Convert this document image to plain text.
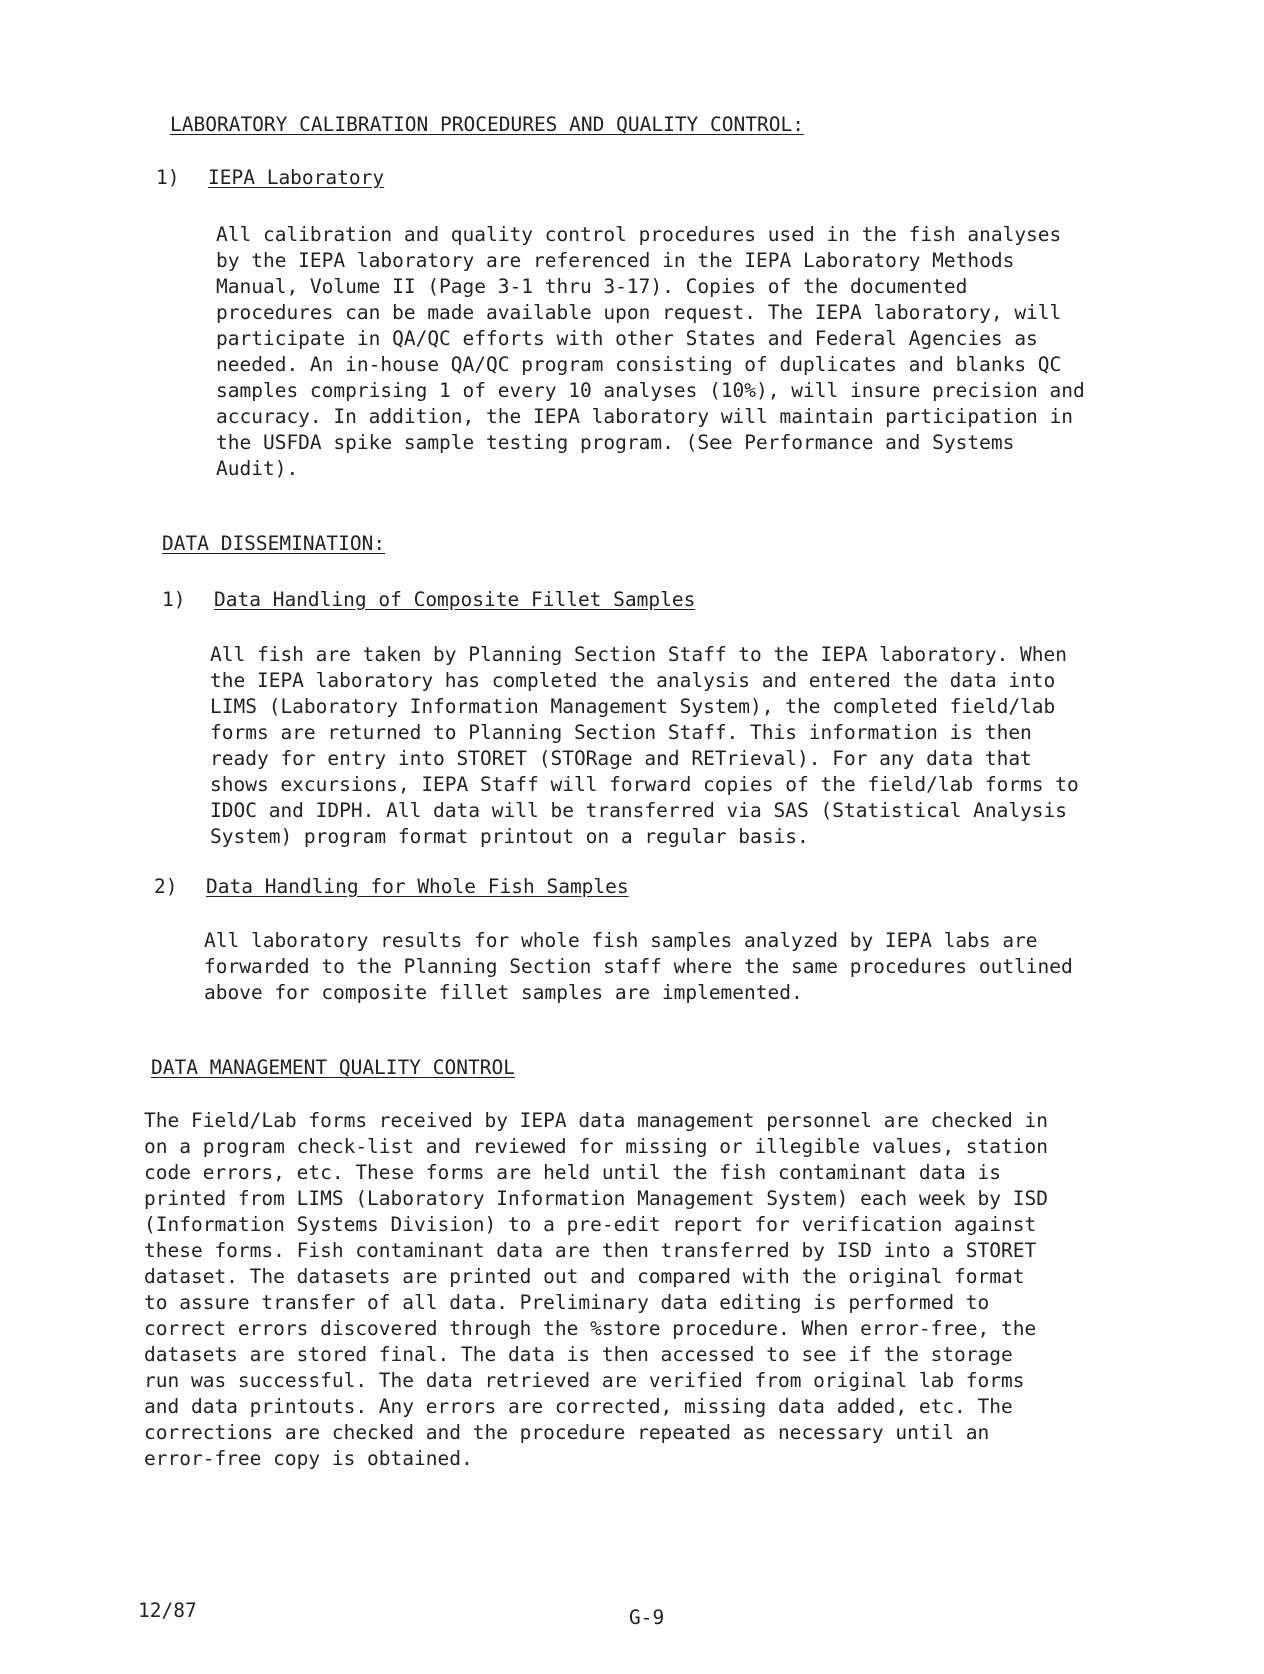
LABORATORY CALIBRATION PROCEDURES AND QUALITY CONTROL:
1) IEPA Laboratory
All calibration and quality control procedures used in the fish analyses
by the IEPA laboratory are referenced in the IEPA Laboratory Methods
Manual, Volume II (Page 3-1 thru 3-17). Copies of the documented
procedures can be made available upon request. The IEPA laboratory, will
participate in QA/QC efforts with other States and Federal Agencies as
needed. An in-house QA/QC program consisting of duplicates and blanks QC
samples comprising 1 of every 10 analyses (10%), will insure precision and
accuracy. In addition, the IEPA laboratory will maintain participation in
the USFDA spike sample testing program. (See Performance and Systems
Audit).
DATA DISSEMINATION:
1) Data Handling of Composite Fillet Samples
All fish are taken by Planning Section Staff to the IEPA laboratory. When
the IEPA laboratory has completed the analysis and entered the data into
LIMS (Laboratory Information Management System), the completed field/lab
forms are returned to Planning Section Staff. This information is then
ready for entry into STORET (STORage and RETrieval). For any data that
shows excursions, IEPA Staff will forward copies of the field/lab forms to
IDOC and IDPH. All data will be transferred via SAS (Statistical Analysis
System) program format printout on a regular basis.
2) Data Handling for Whole Fish Samples
All laboratory results for whole fish samples analyzed by IEPA labs are
forwarded to the Planning Section staff where the same procedures outlined
above for composite fillet samples are implemented.
DATA MANAGEMENT QUALITY CONTROL
The Field/Lab forms received by IEPA data management personnel are checked in
on a program check-list and reviewed for missing or illegible values, station
code errors, etc. These forms are held until the fish contaminant data is
printed from LIMS (Laboratory Information Management System) each week by ISD
(Information Systems Division) to a pre-edit report for verification against
these forms. Fish contaminant data are then transferred by ISD into a STORET
dataset. The datasets are printed out and compared with the original format
to assure transfer of all data. Preliminary data editing is performed to
correct errors discovered through the %store procedure. When error-free, the
datasets are stored final. The data is then accessed to see if the storage
run was successful. The data retrieved are verified from original lab forms
and data printouts. Any errors are corrected, missing data added, etc. The
corrections are checked and the procedure repeated as necessary until an
error-free copy is obtained.
12/87	G-9
